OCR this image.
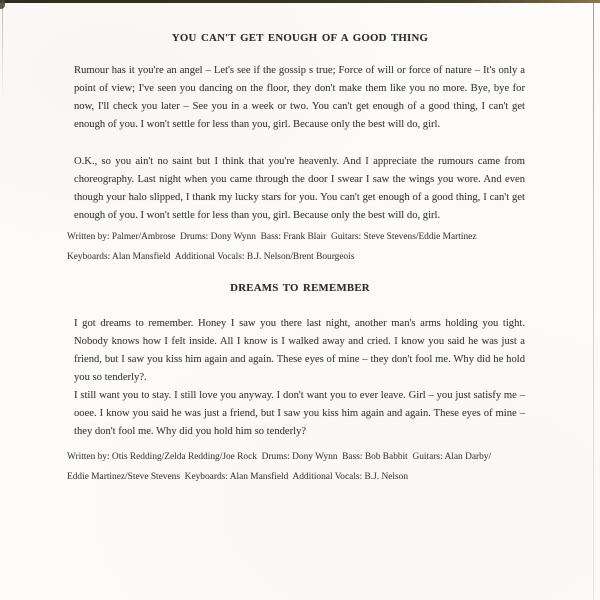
YOU CAN'T GET ENOUGH OF A GOOD THING
Rumour has it you're an angel – Let's see if the gossip s true; Force of will or force of nature – It's only a point of view; I've seen you dancing on the floor, they don't make them like you no more. Bye, bye for now, I'll check you later – See you in a week or two. You can't get enough of a good thing, I can't get enough of you. I won't settle for less than you, girl. Because only the best will do, girl.
O.K., so you ain't no saint but I think that you're heavenly. And I appreciate the rumours came from choreography. Last night when you came through the door I swear I saw the wings you wore. And even though your halo slipped, I thank my lucky stars for you. You can't get enough of a good thing, I can't get enough of you. I won't settle for less than you, girl. Because only the best will do, girl.
Written by: Palmer/Ambrose  Drums: Dony Wynn  Bass: Frank Blair  Guitars: Steve Stevens/Eddie Martinez
Keyboards: Alan Mansfield  Additional Vocals: B.J. Nelson/Brent Bourgeois
DREAMS TO REMEMBER
I got dreams to remember. Honey I saw you there last night, another man's arms holding you tight. Nobody knows how I felt inside. All I know is I walked away and cried. I know you said he was just a friend, but I saw you kiss him again and again. These eyes of mine – they don't fool me. Why did he hold you so tenderly?.
I still want you to stay. I still love you anyway. I don't want you to ever leave. Girl – you just satisfy me – ooee. I know you said he was just a friend, but I saw you kiss him again and again. These eyes of mine – they don't fool me. Why did you hold him so tenderly?
Written by: Otis Redding/Zelda Redding/Joe Rock  Drums: Dony Wynn  Bass: Bob Babbit  Guitars: Alan Darby/
Eddie Martinez/Steve Stevens  Keyboards: Alan Mansfield  Additional Vocals: B.J. Nelson
